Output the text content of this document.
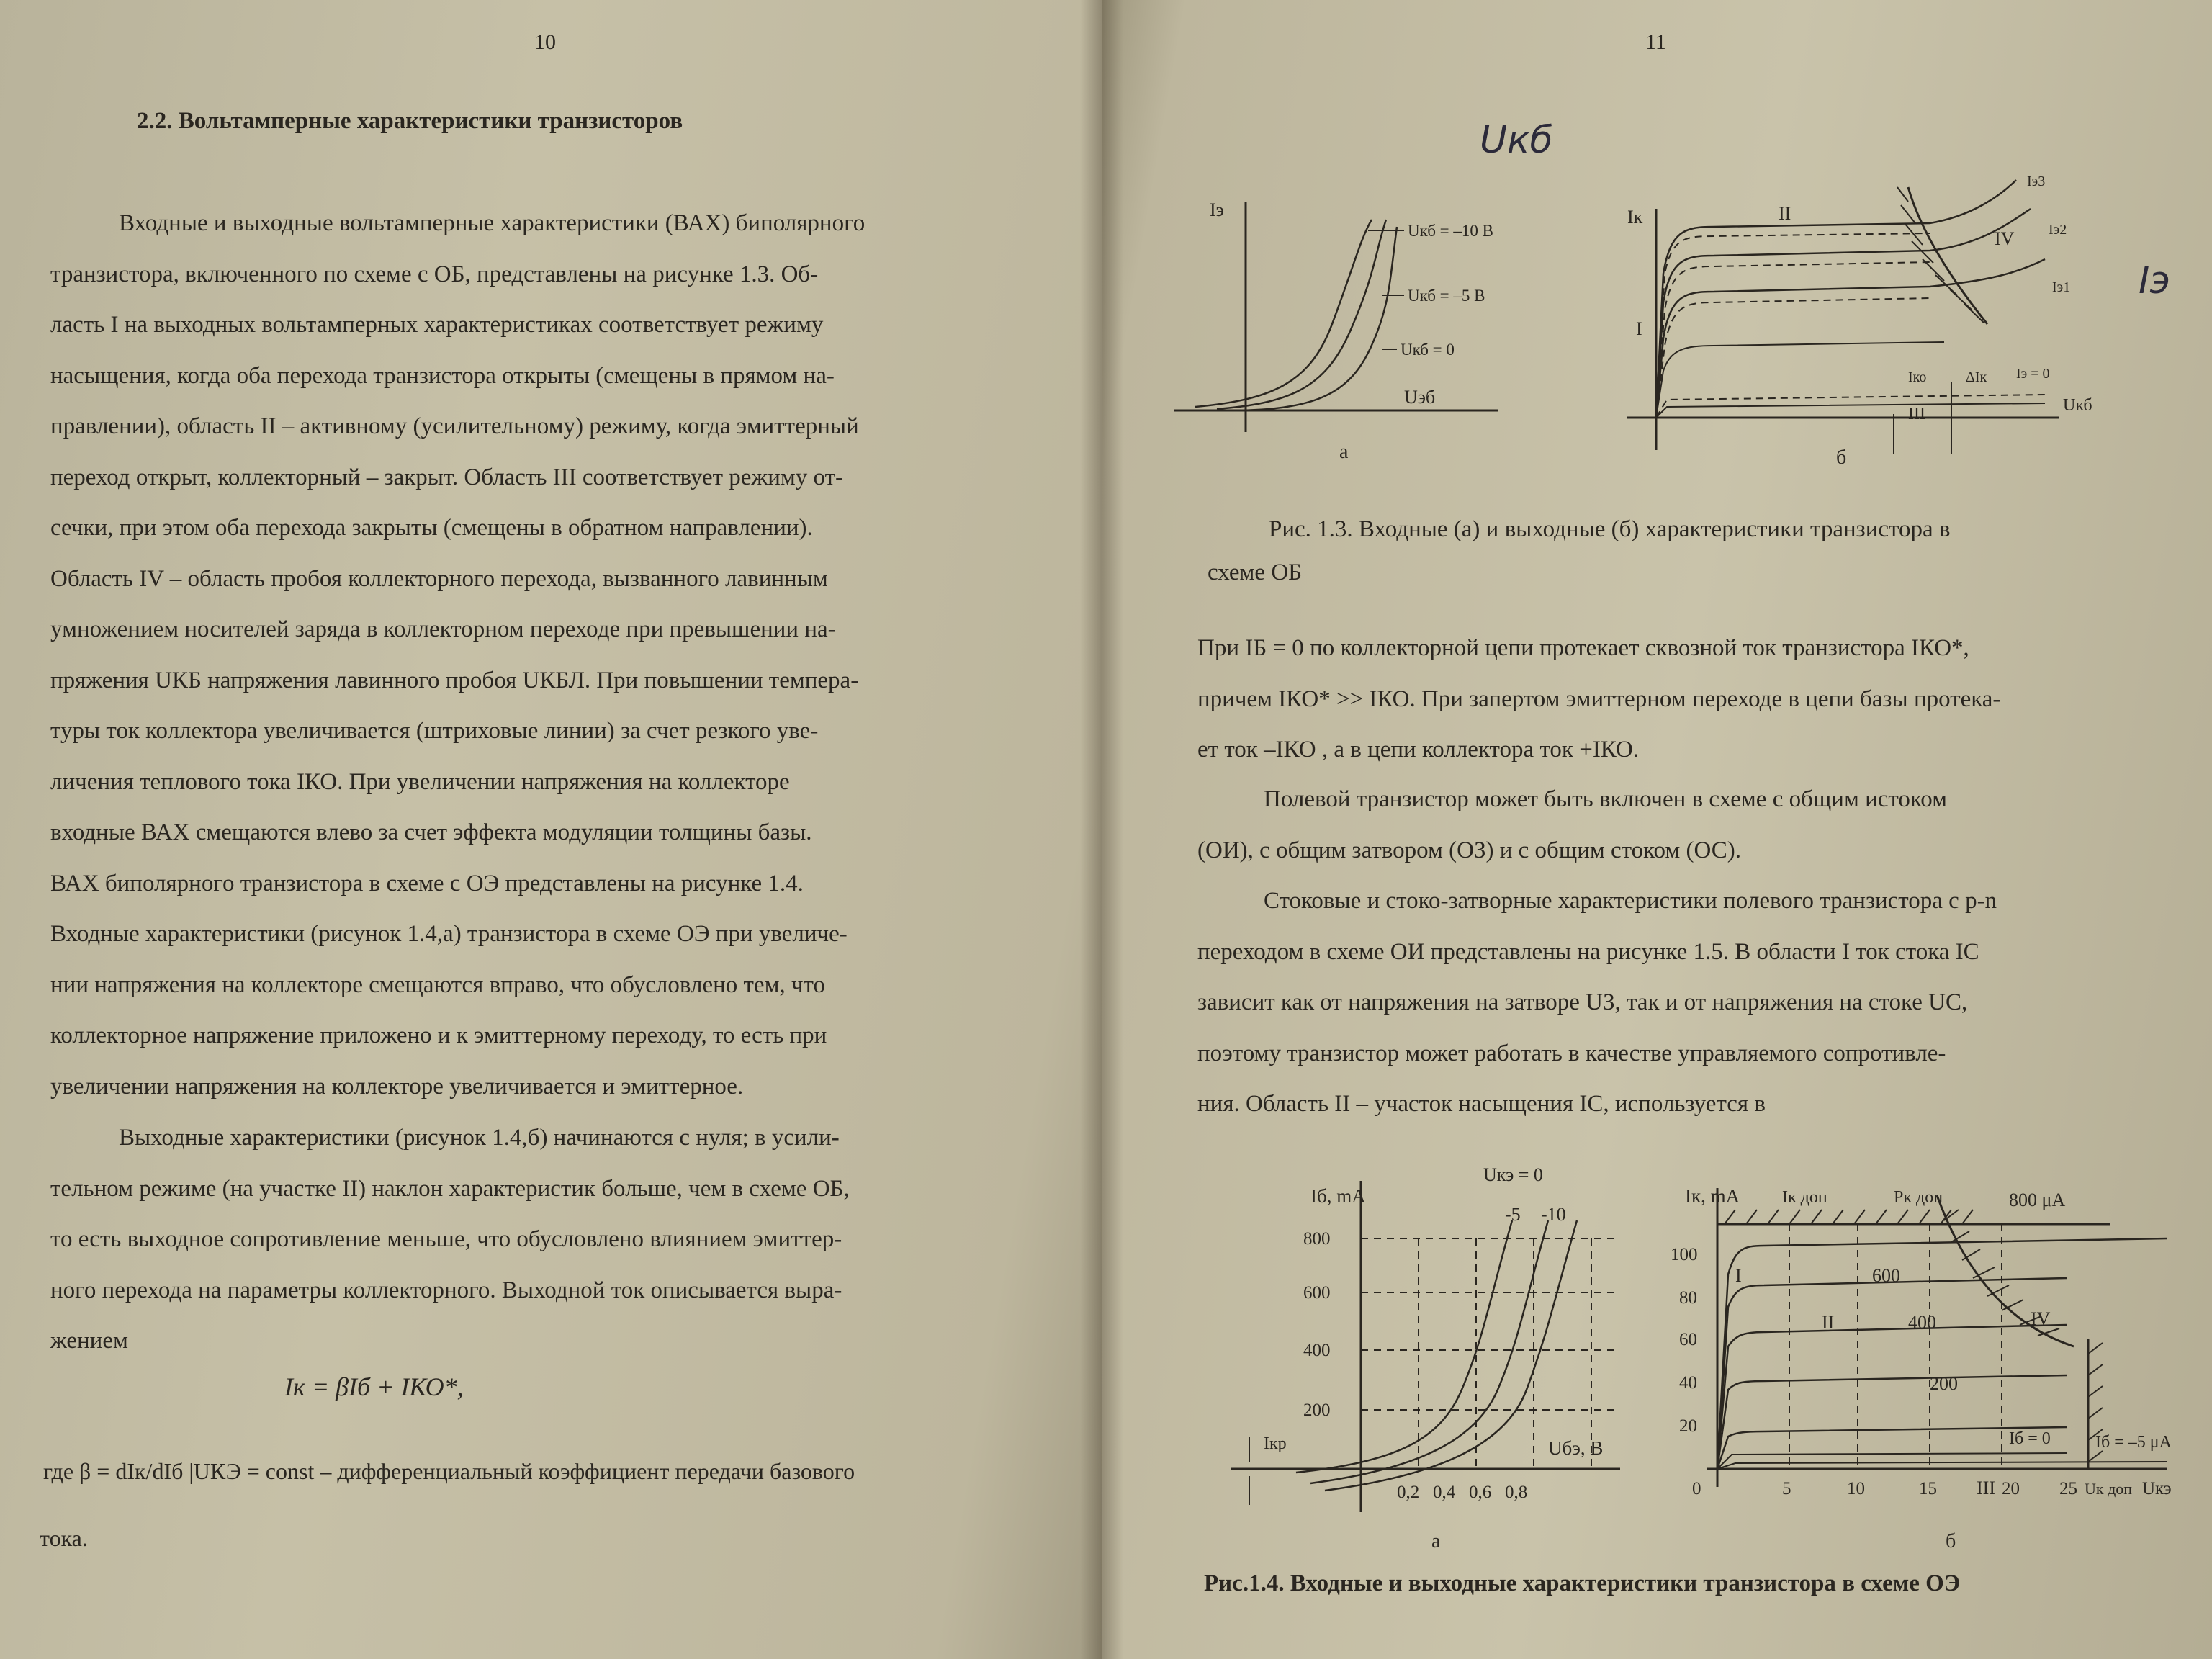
10
2.2. Вольтамперные характеристики транзисторов
Входные и выходные вольтамперные характеристики (ВАХ) биполярного
транзистора, включенного по схеме с ОБ, представлены на рисунке 1.3. Об-
ласть I на выходных вольтамперных характеристиках соответствует режиму
насыщения, когда оба перехода транзистора открыты (смещены в прямом на-
правлении), область II – активному (усилительному) режиму, когда эмиттерный
переход открыт, коллекторный – закрыт. Область III соответствует режиму от-
сечки, при этом оба перехода закрыты (смещены в обратном направлении).
Область IV – область пробоя коллекторного перехода, вызванного лавинным
умножением носителей заряда в коллекторном переходе при превышении на-
пряжения UКБ напряжения лавинного пробоя UКБЛ. При повышении темпера-
туры ток коллектора увеличивается (штриховые линии) за счет резкого уве-
личения теплового тока IКО. При увеличении напряжения на коллекторе
входные ВАХ смещаются влево за счет эффекта модуляции толщины базы.
ВАХ биполярного транзистора в схеме с ОЭ представлены на рисунке 1.4.
Входные характеристики (рисунок 1.4,а) транзистора в схеме ОЭ при увеличе-
нии напряжения на коллекторе смещаются вправо, что обусловлено тем, что
коллекторное напряжение приложено и к эмиттерному переходу, то есть при
увеличении напряжения на коллекторе увеличивается и эмиттерное.
Выходные характеристики (рисунок 1.4,б) начинаются с нуля; в усили-
тельном режиме (на участке II) наклон характеристик больше, чем в схеме ОБ,
то есть выходное сопротивление меньше, что обусловлено влиянием эмиттер-
ного перехода на параметры коллекторного. Выходной ток описывается выра-
жением
Iк = βIб + IКО*,
где β = dIк/dIб |UКЭ = const – дифференциальный коэффициент передачи базового
тока.
11
Uкб
Iэ
Iэ
Uэб
Uкб = –10 В
Uкб = –5 В
Uкб = 0
а
Iк
Uкб
I
II
III
IV
Iэ3
Iэ2
Iэ1
Iэ = 0
Iко	ΔIк
б
Рис. 1.3. Входные (а) и выходные (б) характеристики транзистора в
схеме ОБ
При IБ = 0 по коллекторной цепи протекает сквозной ток транзистора IКО*,
причем IКО* >> IКО. При запертом эмиттерном переходе в цепи базы протека-
ет ток –IКО , а в цепи коллектора ток +IКО.
Полевой транзистор может быть включен в схеме с общим истоком
(ОИ), с общим затвором (ОЗ) и с общим стоком (ОС).
Стоковые и стоко-затворные характеристики полевого транзистора с p-n
переходом в схеме ОИ представлены на рисунке 1.5. В области I ток стока IС
зависит как от напряжения на затворе UЗ, так и от напряжения на стоке UС,
поэтому транзистор может работать в качестве управляемого сопротивле-
ния. Область II – участок насыщения IС, используется в
Iб, mA
Uбэ, В
Uкэ = 0
-5 -10
Iкр
800
600
400
200
0,2 0,4 0,6 0,8
а
Iк, mA Iк доп	Pк доп	800 μA
600
400
200
Iб = 0	Iб = –5 μA
I
II
III
IV
100
80
60
40
20
0	5	10	15	20 25 Uк доп Uкэ
б
Рис.1.4. Входные и выходные характеристики транзистора в схеме ОЭ
